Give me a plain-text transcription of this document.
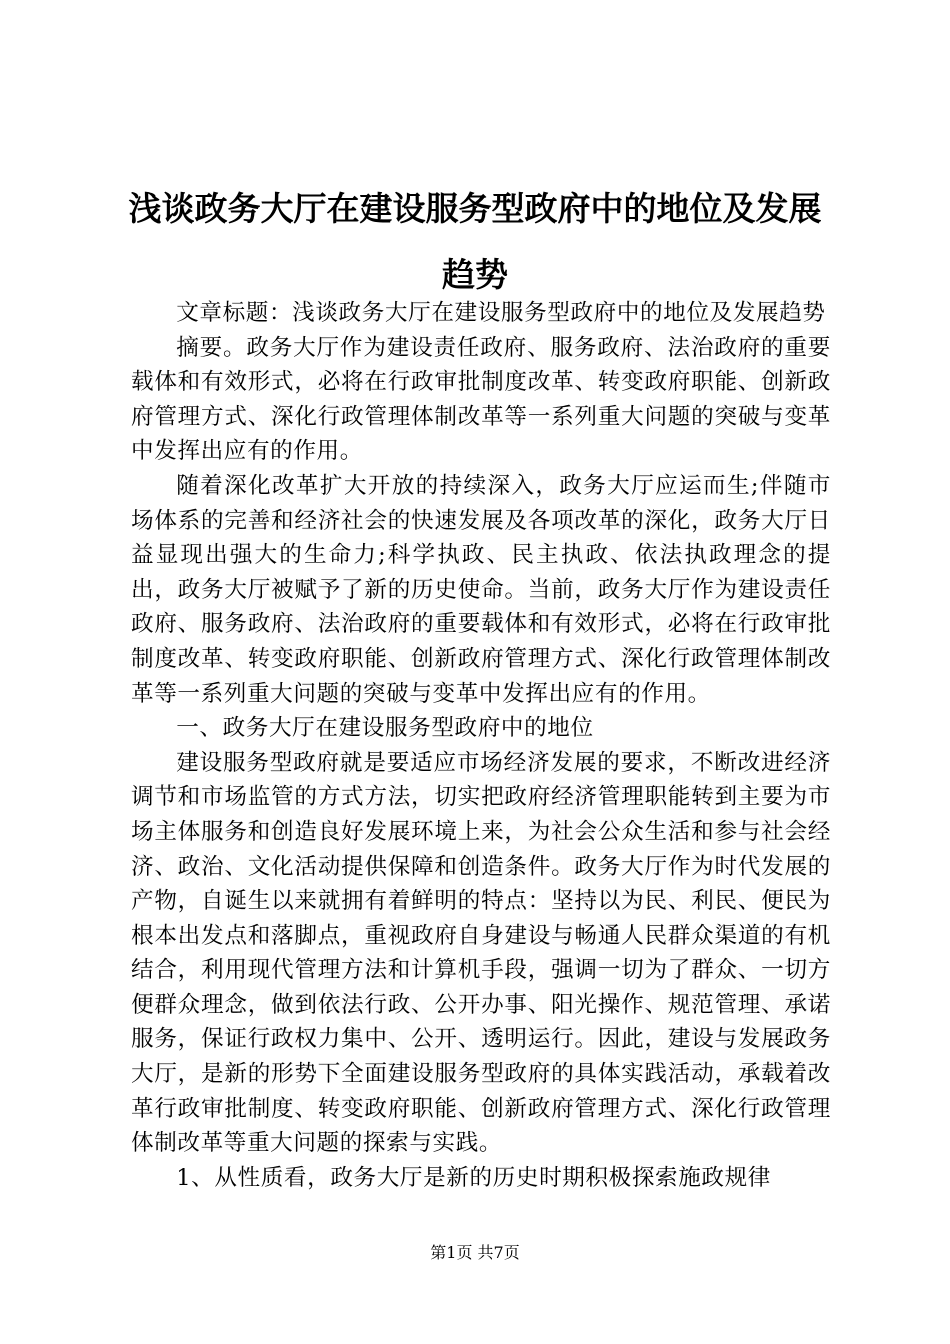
浅谈政务大厅在建设服务型政府中的地位及发展趋势

文章标题：浅谈政务大厅在建设服务型政府中的地位及发展趋势

摘要。政务大厅作为建设责任政府、服务政府、法治政府的重要载体和有效形式，必将在行政审批制度改革、转变政府职能、创新政府管理方式、深化行政管理体制改革等一系列重大问题的突破与变革中发挥出应有的作用。

随着深化改革扩大开放的持续深入，政务大厅应运而生;伴随市场体系的完善和经济社会的快速发展及各项改革的深化，政务大厅日益显现出强大的生命力;科学执政、民主执政、依法执政理念的提出，政务大厅被赋予了新的历史使命。当前，政务大厅作为建设责任政府、服务政府、法治政府的重要载体和有效形式，必将在行政审批制度改革、转变政府职能、创新政府管理方式、深化行政管理体制改革等一系列重大问题的突破与变革中发挥出应有的作用。

一、政务大厅在建设服务型政府中的地位

建设服务型政府就是要适应市场经济发展的要求，不断改进经济调节和市场监管的方式方法，切实把政府经济管理职能转到主要为市场主体服务和创造良好发展环境上来，为社会公众生活和参与社会经济、政治、文化活动提供保障和创造条件。政务大厅作为时代发展的产物，自诞生以来就拥有着鲜明的特点：坚持以为民、利民、便民为根本出发点和落脚点，重视政府自身建设与畅通人民群众渠道的有机结合，利用现代管理方法和计算机手段，强调一切为了群众、一切方便群众理念，做到依法行政、公开办事、阳光操作、规范管理、承诺服务，保证行政权力集中、公开、透明运行。因此，建设与发展政务大厅，是新的形势下全面建设服务型政府的具体实践活动，承载着改革行政审批制度、转变政府职能、创新政府管理方式、深化行政管理体制改革等重大问题的探索与实践。

1、从性质看，政务大厅是新的历史时期积极探索施政规律

第1页 共7页
